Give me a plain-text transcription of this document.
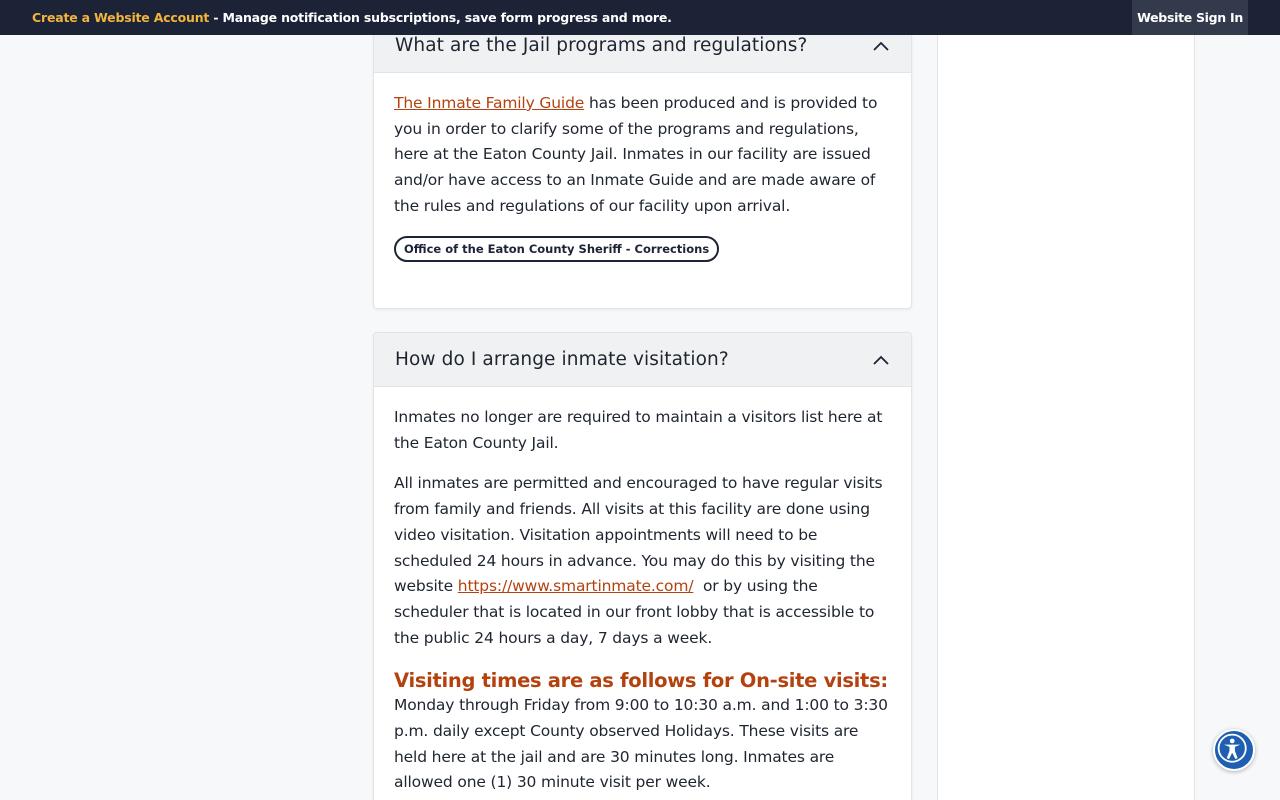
Create a Website Account - Manage notification subscriptions, save form progress and more.	Website Sign In
What are the Jail programs and regulations?

The Inmate Family Guide has been produced and is provided to you in order to clarify some of the programs and regulations, here at the Eaton County Jail. Inmates in our facility are issued and/or have access to an Inmate Guide and are made aware of the rules and regulations of our facility upon arrival.

Office of the Eaton County Sheriff - Corrections
How do I arrange inmate visitation?

Inmates no longer are required to maintain a visitors list here at the Eaton County Jail.

All inmates are permitted and encouraged to have regular visits from family and friends. All visits at this facility are done using video visitation. Visitation appointments will need to be scheduled 24 hours in advance. You may do this by visiting the website https://www.smartinmate.com/  or by using the scheduler that is located in our front lobby that is accessible to the public 24 hours a day, 7 days a week.

Visiting times are as follows for On-site visits:

Monday through Friday from 9:00 to 10:30 a.m. and 1:00 to 3:30 p.m. daily except County observed Holidays. These visits are held here at the jail and are 30 minutes long. Inmates are allowed one (1) 30 minute visit per week.
